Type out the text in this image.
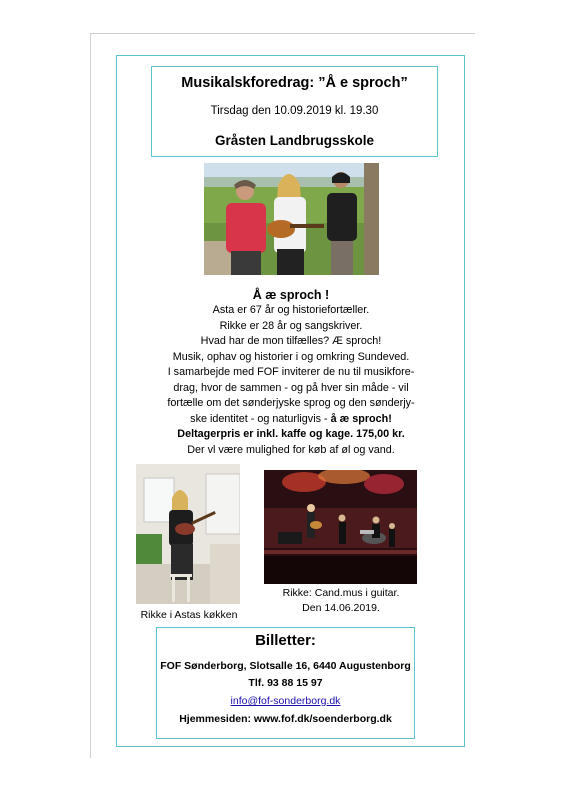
Musikalskforedrag: ”Å e sproch”
Tirsdag den 10.09.2019 kl. 19.30
Gråsten Landbrugsskole
Å æ sproch !
Asta er 67 år og historiefortæller.
Rikke er 28 år og sangskriver.
Hvad har de mon tilfælles? Æ sproch!
Musik, ophav og historier i og omkring Sundeved.
I samarbejde med FOF inviterer de nu til musikfore-
drag, hvor de sammen - og på hver sin måde - vil
fortælle om det sønderjyske sprog og den sønderjy-
ske identitet - og naturligvis - å æ sproch!
Deltagerpris er inkl. kaffe og kage. 175,00 kr.
Der vl være mulighed for køb af øl og vand.
Rikke i Astas køkken
Rikke: Cand.mus i guitar.
Den 14.06.2019.
Billetter:
FOF Sønderborg, Slotsalle 16, 6440 Augustenborg
Tlf. 93 88 15 97
info@fof-sonderborg.dk
Hjemmesiden: www.fof.dk/soenderborg.dk
